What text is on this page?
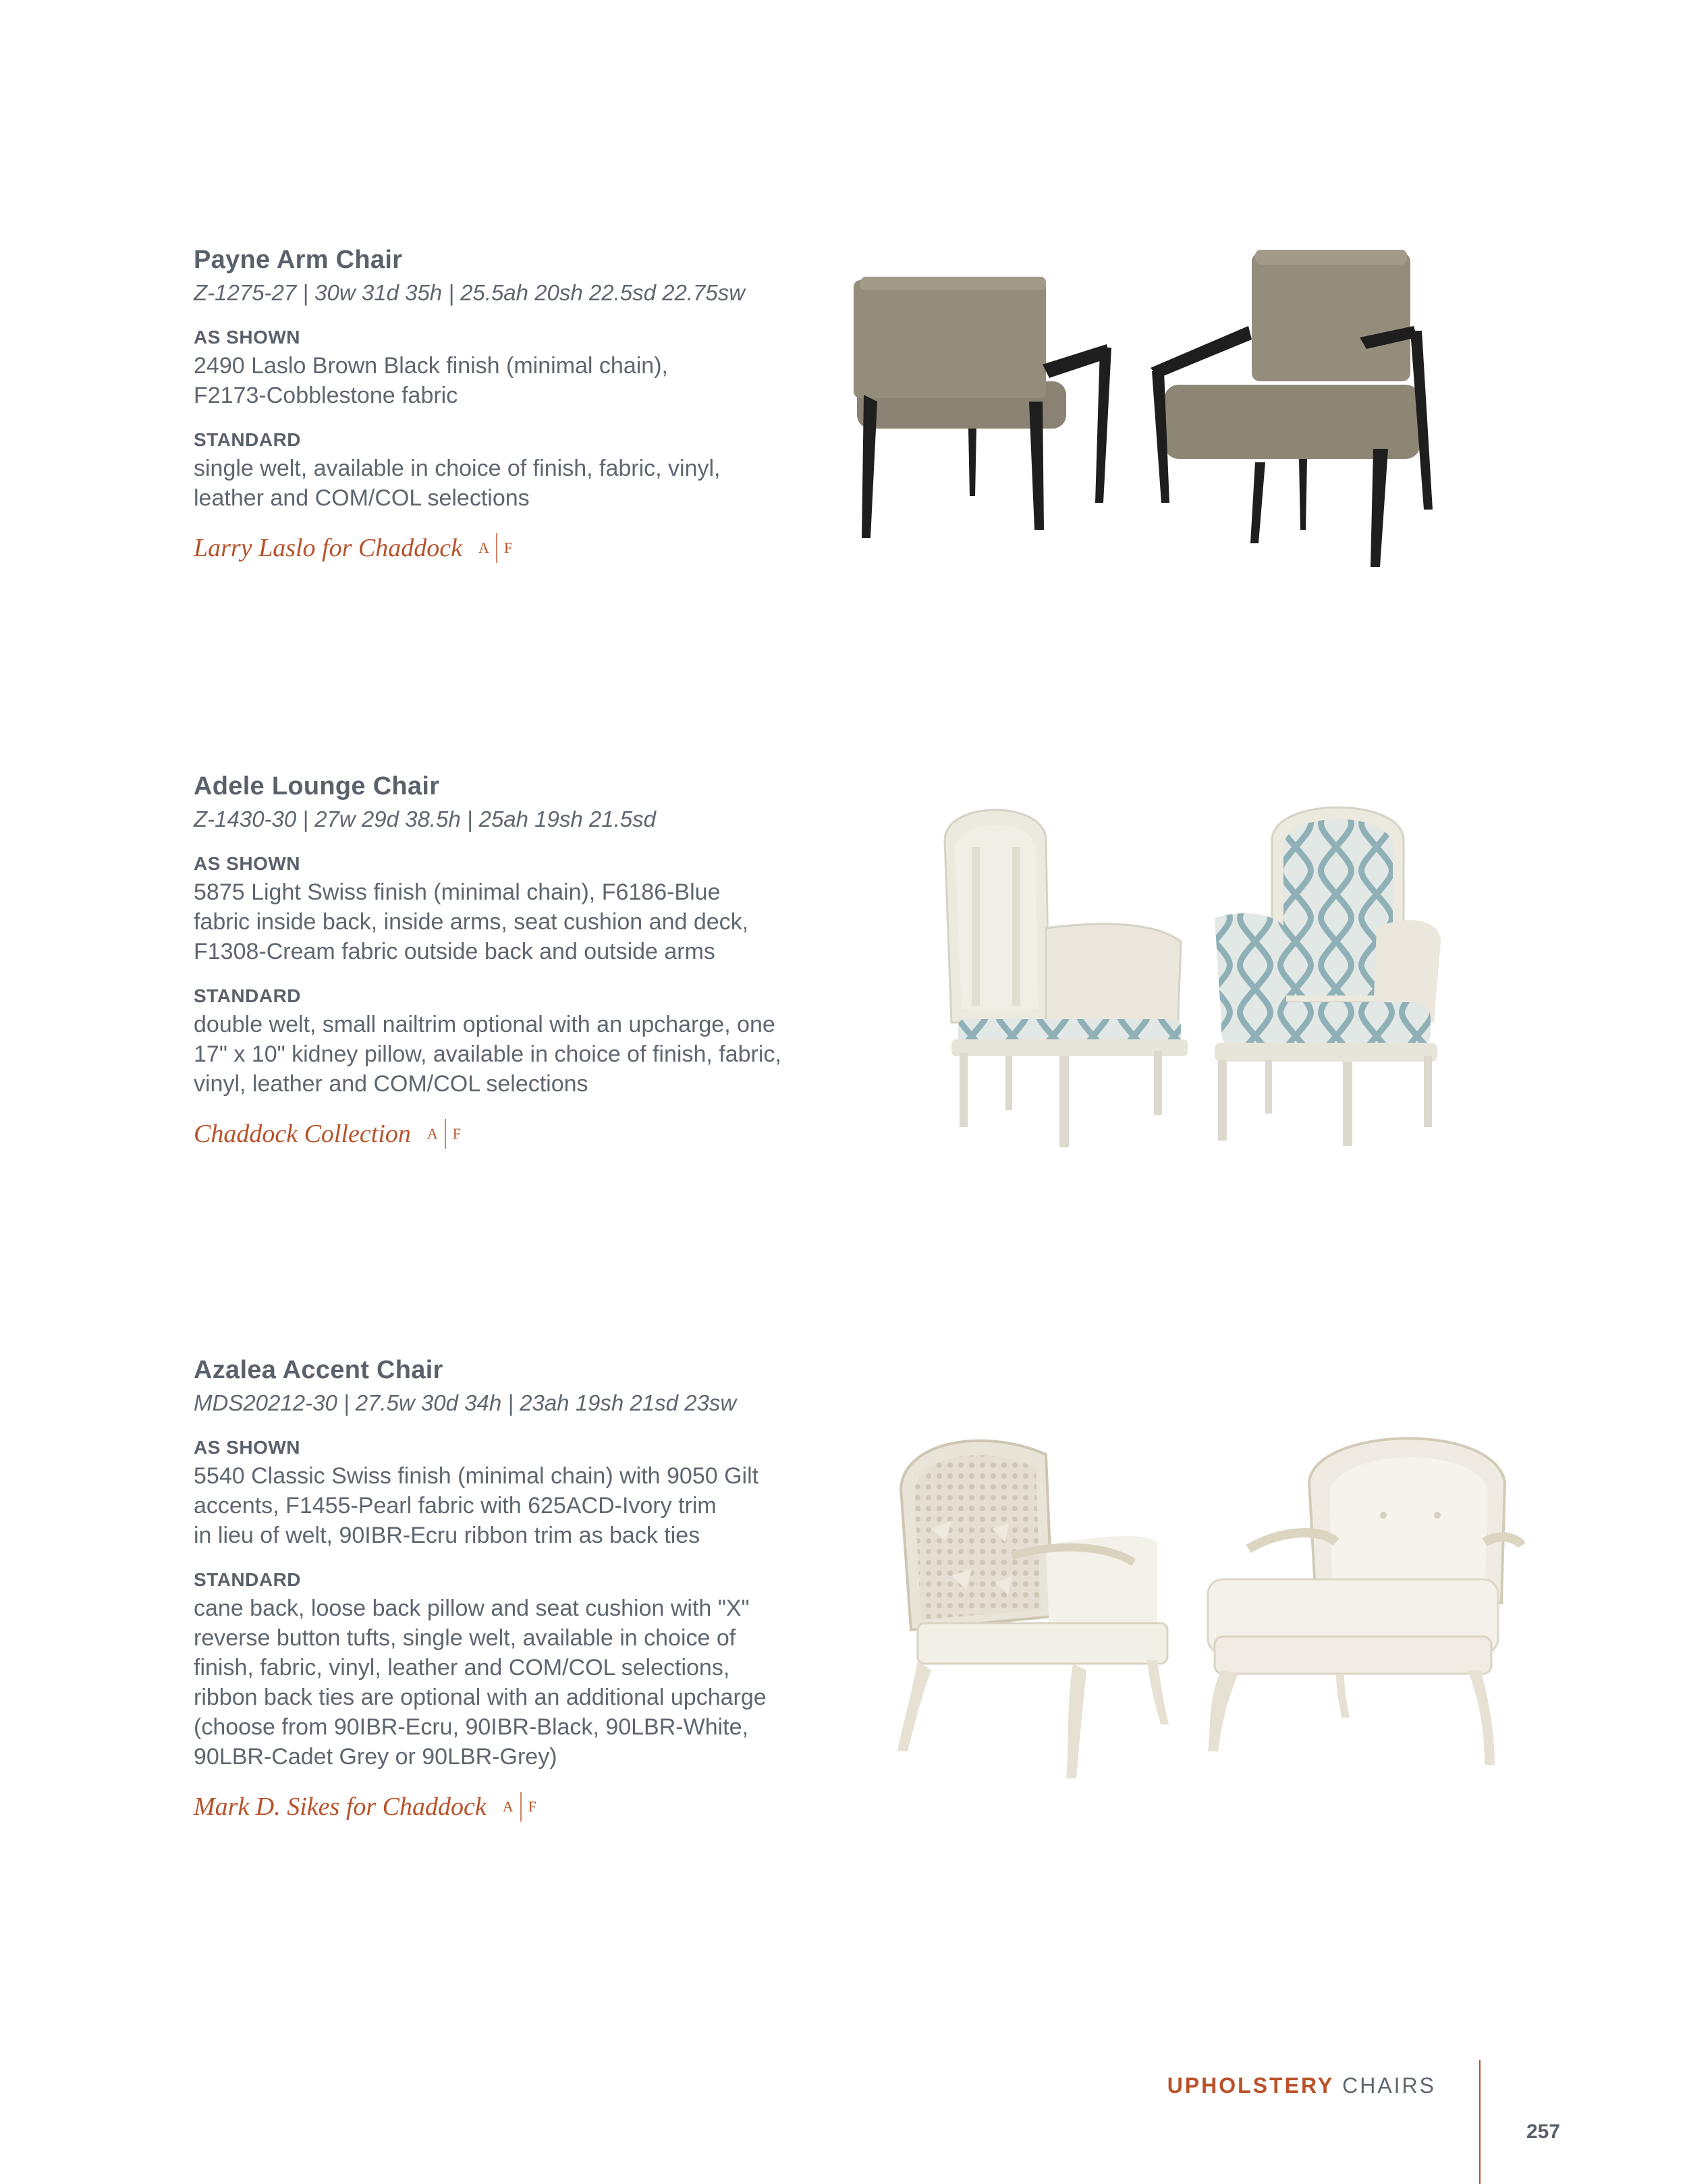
Payne Arm Chair

Z-1275-27 | 30w 31d 35h | 25.5ah 20sh 22.5sd 22.75sw

AS SHOWN

2490 Laslo Brown Black finish (minimal chain),
F2173-Cobblestone fabric

STANDARD

single welt, available in choice of finish, fabric, vinyl,
leather and COM/COL selections

Larry Laslo for Chaddock A F
Adele Lounge Chair

Z-1430-30 | 27w 29d 38.5h | 25ah 19sh 21.5sd

AS SHOWN

5875 Light Swiss finish (minimal chain), F6186-Blue
fabric inside back, inside arms, seat cushion and deck,
F1308-Cream fabric outside back and outside arms

STANDARD

double welt, small nailtrim optional with an upcharge, one
17" x 10" kidney pillow, available in choice of finish, fabric,
vinyl, leather and COM/COL selections

Chaddock Collection A F
Azalea Accent Chair

MDS20212-30 | 27.5w 30d 34h | 23ah 19sh 21sd 23sw

AS SHOWN

5540 Classic Swiss finish (minimal chain) with 9050 Gilt
accents, F1455-Pearl fabric with 625ACD-Ivory trim
in lieu of welt, 90IBR-Ecru ribbon trim as back ties

STANDARD

cane back, loose back pillow and seat cushion with "X"
reverse button tufts, single welt, available in choice of
finish, fabric, vinyl, leather and COM/COL selections,
ribbon back ties are optional with an additional upcharge
(choose from 90IBR-Ecru, 90IBR-Black, 90LBR-White,
90LBR-Cadet Grey or 90LBR-Grey)

Mark D. Sikes for Chaddock A F
UPHOLSTERY CHAIRS
257
